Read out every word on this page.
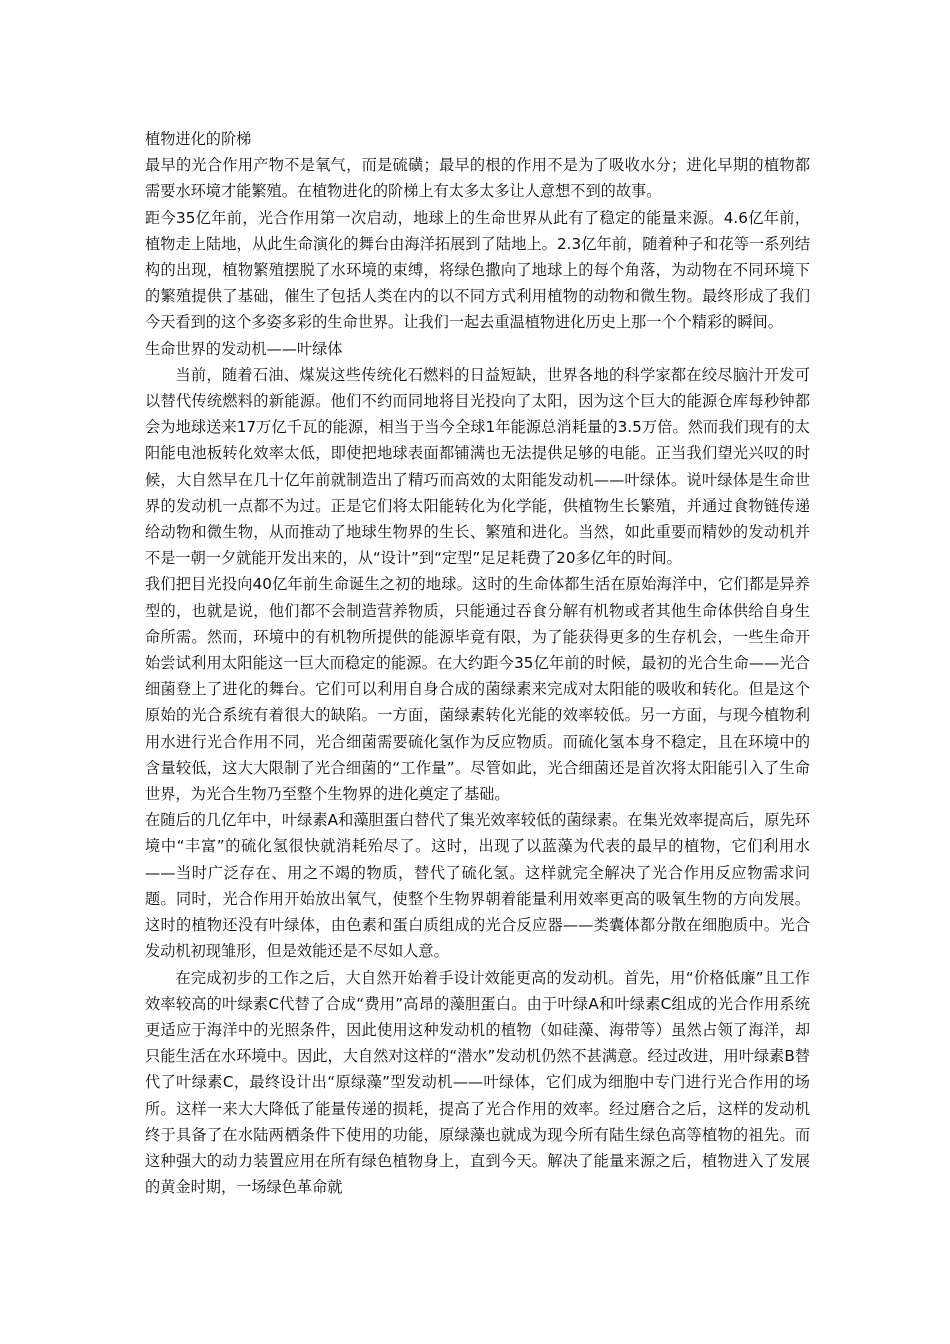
植物进化的阶梯

最早的光合作用产物不是氧气，而是硫磺；最早的根的作用不是为了吸收水分；进化早期的植物都需要水环境才能繁殖。在植物进化的阶梯上有太多太多让人意想不到的故事。

距今35亿年前，光合作用第一次启动，地球上的生命世界从此有了稳定的能量来源。4.6亿年前，植物走上陆地，从此生命演化的舞台由海洋拓展到了陆地上。2.3亿年前，随着种子和花等一系列结构的出现，植物繁殖摆脱了水环境的束缚，将绿色撒向了地球上的每个角落，为动物在不同环境下的繁殖提供了基础，催生了包括人类在内的以不同方式利用植物的动物和微生物。最终形成了我们今天看到的这个多姿多彩的生命世界。让我们一起去重温植物进化历史上那一个个精彩的瞬间。

生命世界的发动机——叶绿体

当前，随着石油、煤炭这些传统化石燃料的日益短缺，世界各地的科学家都在绞尽脑汁开发可以替代传统燃料的新能源。他们不约而同地将目光投向了太阳，因为这个巨大的能源仓库每秒钟都会为地球送来17万亿千瓦的能源，相当于当今全球1年能源总消耗量的3.5万倍。然而我们现有的太阳能电池板转化效率太低，即使把地球表面都铺满也无法提供足够的电能。正当我们望光兴叹的时候，大自然早在几十亿年前就制造出了精巧而高效的太阳能发动机——叶绿体。说叶绿体是生命世界的发动机一点都不为过。正是它们将太阳能转化为化学能，供植物生长繁殖，并通过食物链传递给动物和微生物，从而推动了地球生物界的生长、繁殖和进化。当然，如此重要而精妙的发动机并不是一朝一夕就能开发出来的，从“设计”到“定型”足足耗费了20多亿年的时间。

我们把目光投向40亿年前生命诞生之初的地球。这时的生命体都生活在原始海洋中，它们都是异养型的，也就是说，他们都不会制造营养物质，只能通过吞食分解有机物或者其他生命体供给自身生命所需。然而，环境中的有机物所提供的能源毕竟有限，为了能获得更多的生存机会，一些生命开始尝试利用太阳能这一巨大而稳定的能源。在大约距今35亿年前的时候，最初的光合生命——光合细菌登上了进化的舞台。它们可以利用自身合成的菌绿素来完成对太阳能的吸收和转化。但是这个原始的光合系统有着很大的缺陷。一方面，菌绿素转化光能的效率较低。另一方面，与现今植物利用水进行光合作用不同，光合细菌需要硫化氢作为反应物质。而硫化氢本身不稳定，且在环境中的含量较低，这大大限制了光合细菌的“工作量”。尽管如此，光合细菌还是首次将太阳能引入了生命世界，为光合生物乃至整个生物界的进化奠定了基础。

在随后的几亿年中，叶绿素A和藻胆蛋白替代了集光效率较低的菌绿素。在集光效率提高后，原先环境中“丰富”的硫化氢很快就消耗殆尽了。这时，出现了以蓝藻为代表的最早的植物，它们利用水——当时广泛存在、用之不竭的物质，替代了硫化氢。这样就完全解决了光合作用反应物需求问题。同时，光合作用开始放出氧气，使整个生物界朝着能量利用效率更高的吸氧生物的方向发展。这时的植物还没有叶绿体，由色素和蛋白质组成的光合反应器——类囊体都分散在细胞质中。光合发动机初现雏形，但是效能还是不尽如人意。

在完成初步的工作之后，大自然开始着手设计效能更高的发动机。首先，用“价格低廉”且工作效率较高的叶绿素C代替了合成“费用”高昂的藻胆蛋白。由于叶绿A和叶绿素C组成的光合作用系统更适应于海洋中的光照条件，因此使用这种发动机的植物（如硅藻、海带等）虽然占领了海洋，却只能生活在水环境中。因此，大自然对这样的“潜水”发动机仍然不甚满意。经过改进，用叶绿素B替代了叶绿素C，最终设计出“原绿藻”型发动机——叶绿体，它们成为细胞中专门进行光合作用的场所。这样一来大大降低了能量传递的损耗，提高了光合作用的效率。经过磨合之后，这样的发动机终于具备了在水陆两栖条件下使用的功能，原绿藻也就成为现今所有陆生绿色高等植物的祖先。而这种强大的动力装置应用在所有绿色植物身上，直到今天。解决了能量来源之后，植物进入了发展的黄金时期，一场绿色革命就
